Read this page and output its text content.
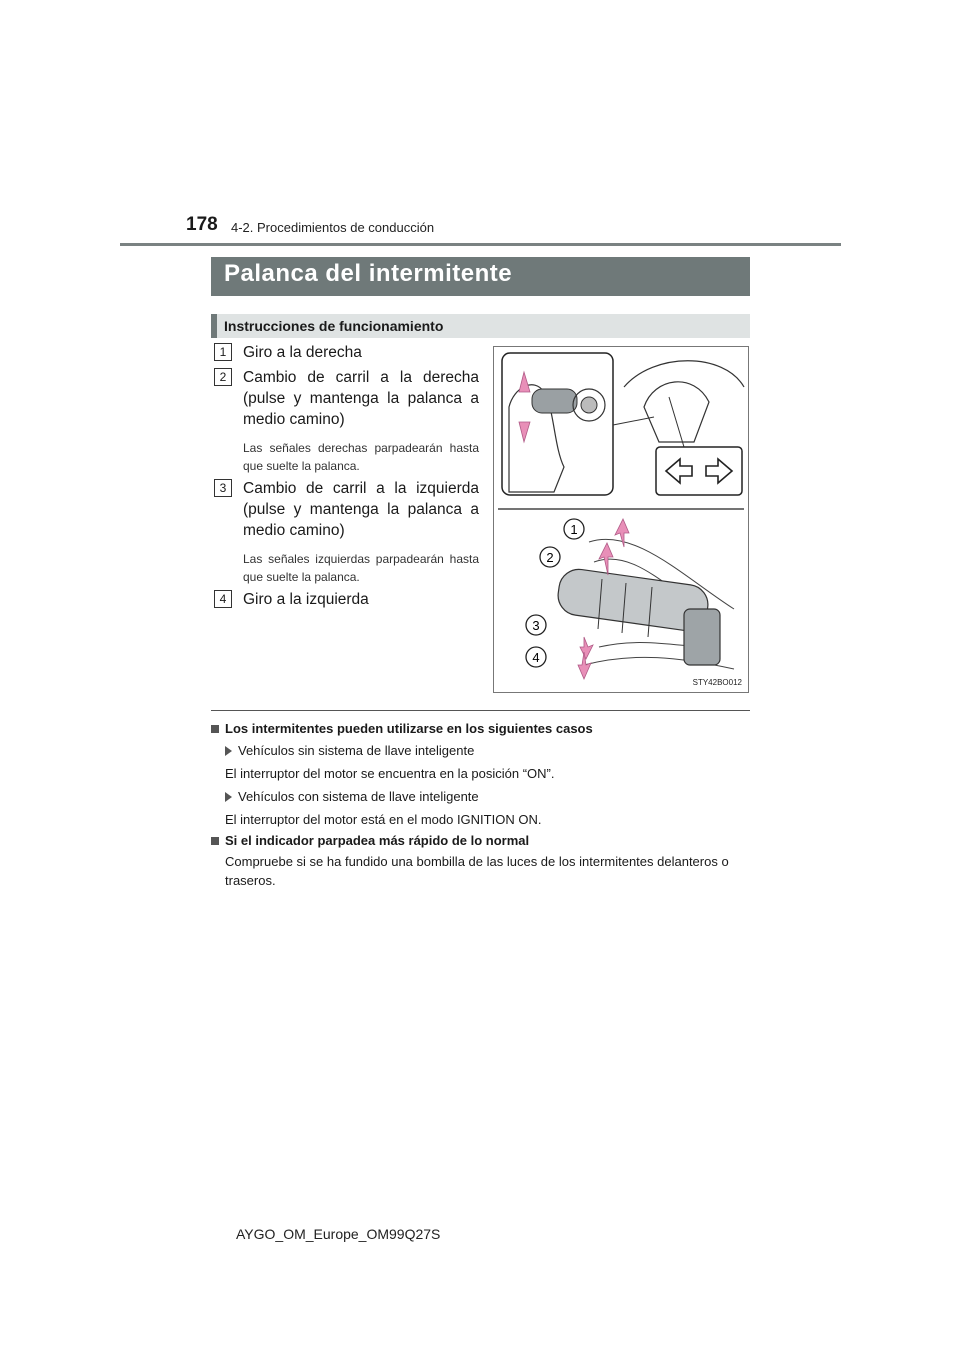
178 4-2. Procedimientos de conducción
Palanca del intermitente
Instrucciones de funcionamiento
1	Giro a la derecha
2	Cambio de carril a la derecha (pulse y mantenga la palanca a medio camino)
Las señales derechas parpadearán hasta que suelte la palanca.
3	Cambio de carril a la izquierda (pulse y mantenga la palanca a medio camino)
Las señales izquierdas parpadearán hasta que suelte la palanca.
4	Giro a la izquierda
1
2
3
4
STY42BO012
Los intermitentes pueden utilizarse en los siguientes casos
Vehículos sin sistema de llave inteligente
El interruptor del motor se encuentra en la posición “ON”.
Vehículos con sistema de llave inteligente
El interruptor del motor está en el modo IGNITION ON.
Si el indicador parpadea más rápido de lo normal
Compruebe si se ha fundido una bombilla de las luces de los intermitentes delanteros o traseros.
AYGO_OM_Europe_OM99Q27S
